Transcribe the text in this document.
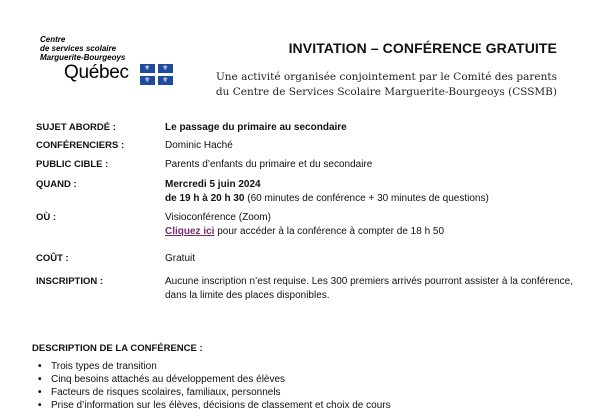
Centre
de services scolaire
Marguerite-Bourgeoys
Québec ⚜ ⚜
⚜ ⚜
INVITATION – CONFÉRENCE GRATUITE
Une activité organisée conjointement par le Comité des parents
du Centre de Services Scolaire Marguerite-Bourgeoys (CSSMB)
SUJET ABORDÉ :	Le passage du primaire au secondaire
CONFÉRENCIERS :	Dominic Haché
PUBLIC CIBLE :	Parents d’enfants du primaire et du secondaire
QUAND :	Mercredi 5 juin 2024
de 19 h à 20 h 30 (60 minutes de conférence + 30 minutes de questions)
OÙ :	Visioconférence (Zoom)
Cliquez ici pour accéder à la conférence à compter de 18 h 50
COÛT :	Gratuit
INSCRIPTION :	Aucune inscription n’est requise. Les 300 premiers arrivés pourront assister à la conférence, dans la limite des places disponibles.
DESCRIPTION DE LA CONFÉRENCE :
• Trois types de transition
• Cinq besoins attachés au développement des élèves
• Facteurs de risques scolaires, familiaux, personnels
• Prise d’information sur les élèves, décisions de classement et choix de cours
